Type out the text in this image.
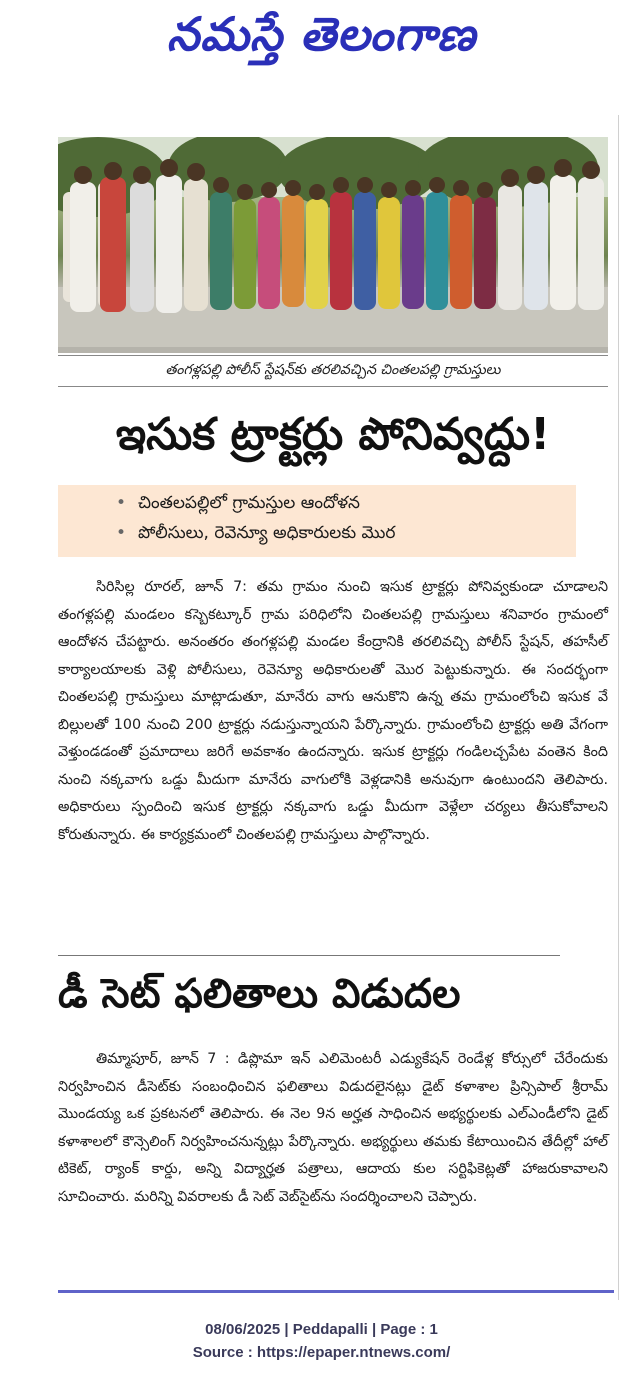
నమస్తే తెలంగాణ
తంగళ్లపల్లి పోలీస్ స్టేషన్‌కు తరలివచ్చిన చింతలపల్లి గ్రామస్తులు
ఇసుక ట్రాక్టర్లు పోనివ్వద్దు!
• చింతలపల్లిలో గ్రామస్తుల ఆందోళన
• పోలీసులు, రెవెన్యూ అధికారులకు మొర

సిరిసిల్ల రూరల్, జూన్ 7: తమ గ్రామం నుంచి ఇసుక ట్రాక్టర్లు పోనివ్వకుండా చూడాలని తంగళ్లపల్లి మండలం కస్బెకట్కూర్ గ్రామ పరిధిలోని చింతలపల్లి గ్రామస్తులు శనివారం గ్రామంలో ఆందోళన చేపట్టారు. అనంతరం తంగళ్లపల్లి మండల కేంద్రానికి తరలివచ్చి పోలీస్ స్టేషన్, తహసీల్ కార్యాలయాలకు వెళ్లి పోలీసులు, రెవెన్యూ అధికారులతో మొర పెట్టుకున్నారు. ఈ సందర్భంగా చింతలపల్లి గ్రామస్తులు మాట్లాడుతూ, మానేరు వాగు ఆనుకొని ఉన్న తమ గ్రామంలోంచి ఇసుక వే బిల్లులతో 100 నుంచి 200 ట్రాక్టర్లు నడుస్తున్నాయని పేర్కొన్నారు. గ్రామంలోంచి ట్రాక్టర్లు అతి వేగంగా వెళ్తుండడంతో ప్రమాదాలు జరిగే అవకాశం ఉందన్నారు. ఇసుక ట్రాక్టర్లు గండిలచ్చపేట వంతెన కింది నుంచి నక్కవాగు ఒడ్డు మీదుగా మానేరు వాగులోకి వెళ్లడానికి అనువుగా ఉంటుందని తెలిపారు. అధికారులు స్పందించి ఇసుక ట్రాక్టర్లు నక్కవాగు ఒడ్డు మీదుగా వెళ్లేలా చర్యలు తీసుకోవాలని కోరుతున్నారు. ఈ కార్యక్రమంలో చింతలపల్లి గ్రామస్తులు పాల్గొన్నారు.

డీ సెట్ ఫలితాలు విడుదల

తిమ్మాపూర్, జూన్ 7 : డిప్లొమా ఇన్ ఎలిమెంటరీ ఎడ్యుకేషన్ రెండేళ్ల కోర్సులో చేరేందుకు నిర్వహించిన డీసెట్‌కు సంబంధించిన ఫలితాలు విడుదలైనట్లు డైట్ కళాశాల ప్రిన్సిపాల్ శ్రీరామ్ మొండయ్య ఒక ప్రకటనలో తెలిపారు. ఈ నెల 9న అర్హత సాధించిన అభ్యర్థులకు ఎల్ఎండీలోని డైట్ కళాశాలలో కౌన్సెలింగ్ నిర్వహించనున్నట్లు పేర్కొన్నారు. అభ్యర్థులు తమకు కేటాయించిన తేదీల్లో హాల్ టికెట్, ర్యాంక్ కార్డు, అన్ని విద్యార్హత పత్రాలు, ఆదాయ కుల సర్టిఫికెట్లతో హాజరుకావాలని సూచించారు. మరిన్ని వివరాలకు డీ సెట్ వెబ్‌సైట్‌ను సందర్శించాలని చెప్పారు.

08/06/2025 | Peddapalli | Page : 1
Source : https://epaper.ntnews.com/
